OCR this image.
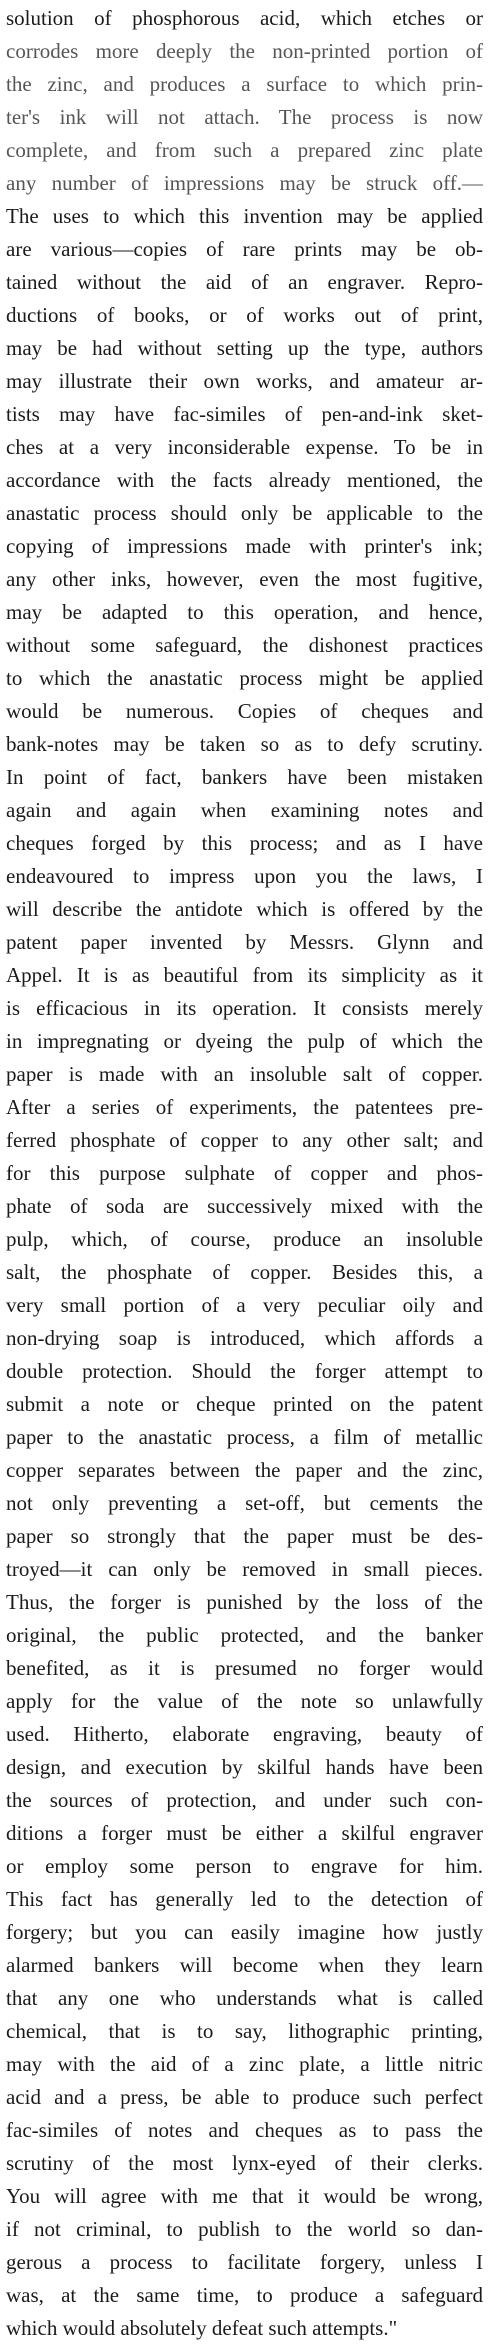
solution of phosphorous acid, which etches or
corrodes more deeply the non-printed portion of
the zinc, and produces a surface to which prin-
ter's ink will not attach. The process is now
complete, and from such a prepared zinc plate
any number of impressions may be struck off.—
The uses to which this invention may be applied
are various—copies of rare prints may be ob-
tained without the aid of an engraver. Repro-
ductions of books, or of works out of print,
may be had without setting up the type, authors
may illustrate their own works, and amateur ar-
tists may have fac-similes of pen-and-ink sket-
ches at a very inconsiderable expense. To be in
accordance with the facts already mentioned, the
anastatic process should only be applicable to the
copying of impressions made with printer's ink;
any other inks, however, even the most fugitive,
may be adapted to this operation, and hence,
without some safeguard, the dishonest practices
to which the anastatic process might be applied
would be numerous. Copies of cheques and
bank-notes may be taken so as to defy scrutiny.
In point of fact, bankers have been mistaken
again and again when examining notes and
cheques forged by this process; and as I have
endeavoured to impress upon you the laws, I
will describe the antidote which is offered by the
patent paper invented by Messrs. Glynn and
Appel. It is as beautiful from its simplicity as it
is efficacious in its operation. It consists merely
in impregnating or dyeing the pulp of which the
paper is made with an insoluble salt of copper.
After a series of experiments, the patentees pre-
ferred phosphate of copper to any other salt; and
for this purpose sulphate of copper and phos-
phate of soda are successively mixed with the
pulp, which, of course, produce an insoluble
salt, the phosphate of copper. Besides this, a
very small portion of a very peculiar oily and
non-drying soap is introduced, which affords a
double protection. Should the forger attempt to
submit a note or cheque printed on the patent
paper to the anastatic process, a film of metallic
copper separates between the paper and the zinc,
not only preventing a set-off, but cements the
paper so strongly that the paper must be des-
troyed—it can only be removed in small pieces.
Thus, the forger is punished by the loss of the
original, the public protected, and the banker
benefited, as it is presumed no forger would
apply for the value of the note so unlawfully
used. Hitherto, elaborate engraving, beauty of
design, and execution by skilful hands have been
the sources of protection, and under such con-
ditions a forger must be either a skilful engraver
or employ some person to engrave for him.
This fact has generally led to the detection of
forgery; but you can easily imagine how justly
alarmed bankers will become when they learn
that any one who understands what is called
chemical, that is to say, lithographic printing,
may with the aid of a zinc plate, a little nitric
acid and a press, be able to produce such perfect
fac-similes of notes and cheques as to pass the
scrutiny of the most lynx-eyed of their clerks.
You will agree with me that it would be wrong,
if not criminal, to publish to the world so dan-
gerous a process to facilitate forgery, unless I
was, at the same time, to produce a safeguard
which would absolutely defeat such attempts."
